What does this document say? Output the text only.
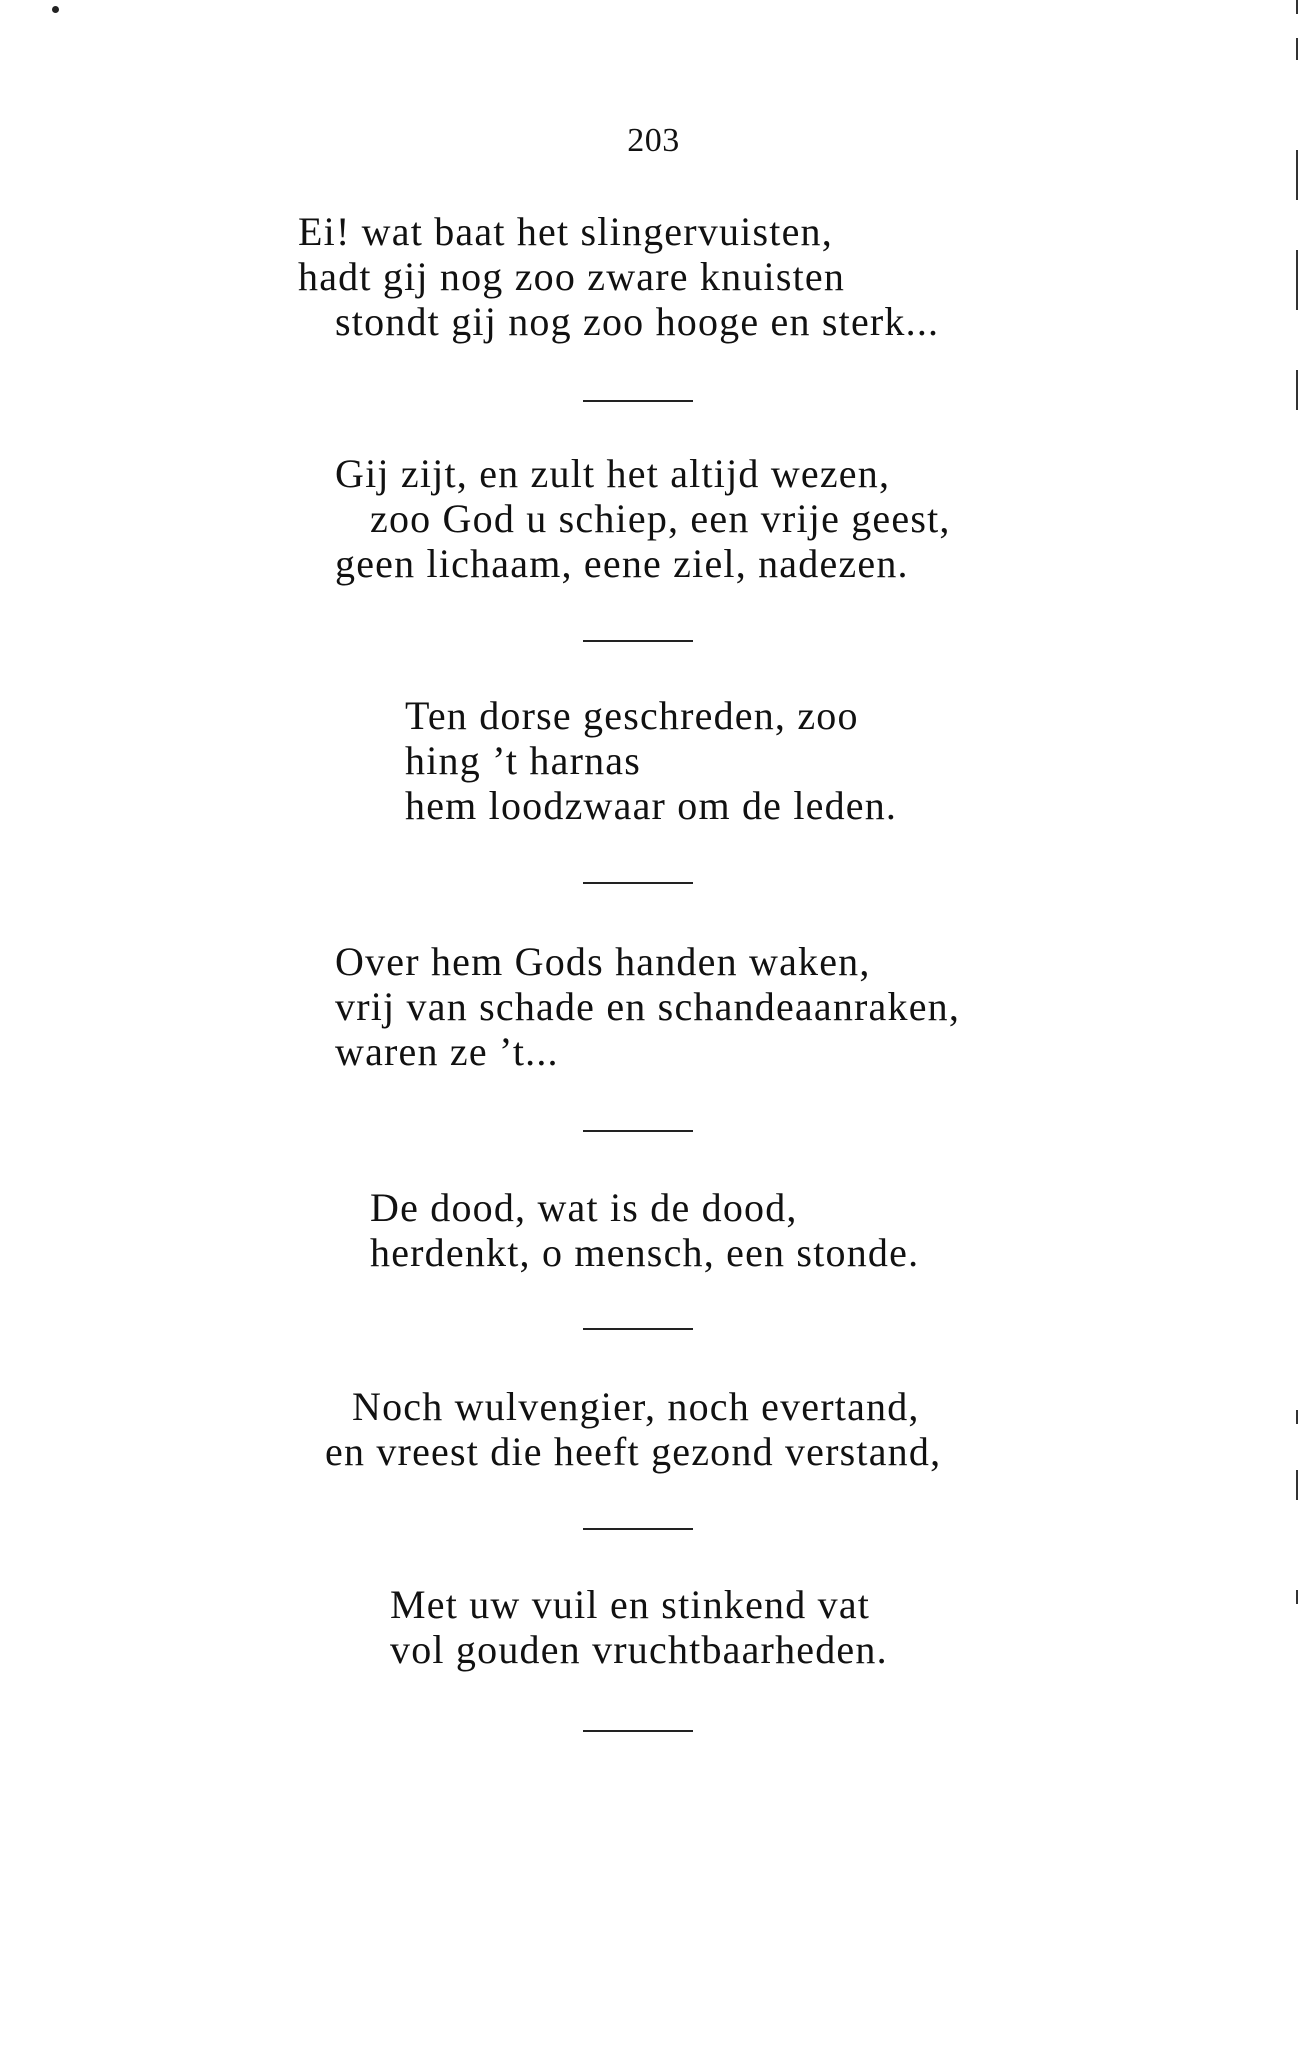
203
Ei! wat baat het slingervuisten,
hadt gij nog zoo zware knuisten
stondt gij nog zoo hooge en sterk...
Gij zijt, en zult het altijd wezen,
zoo God u schiep, een vrije geest,
geen lichaam, eene ziel, nadezen.
Ten dorse geschreden, zoo
hing ’t harnas
hem loodzwaar om de leden.
Over hem Gods handen waken,
vrij van schade en schandeaanraken,
waren ze ’t...
De dood, wat is de dood,
herdenkt, o mensch, een stonde.
Noch wulvengier, noch evertand,
en vreest die heeft gezond verstand,
Met uw vuil en stinkend vat
vol gouden vruchtbaarheden.
